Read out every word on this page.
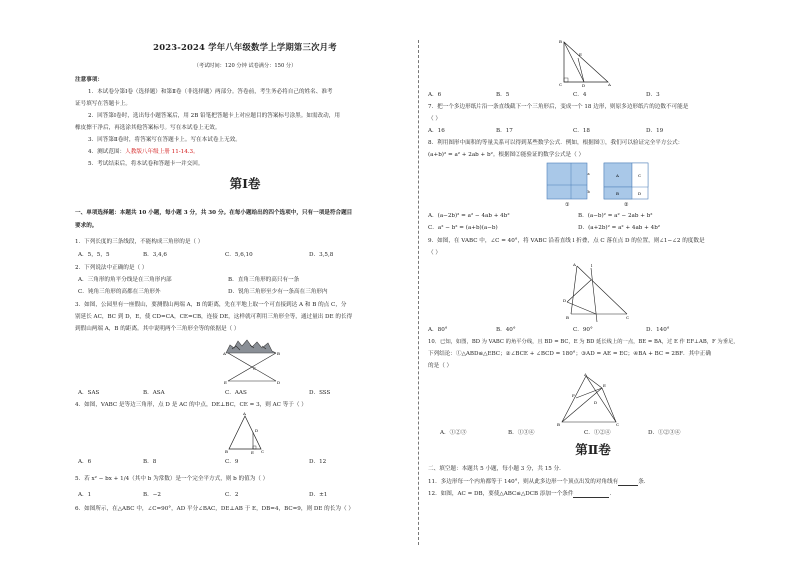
2023-2024 学年八年级数学上学期第三次月考
（考试时间：120 分钟 试卷满分：150 分）
注意事项：
1．本试卷分第Ⅰ卷（选择题）和第Ⅱ卷（非选择题）两部分。答卷前，考生务必将自己的姓名、准考
证号填写在答题卡上。
2．回答第Ⅰ卷时，选出每小题答案后，用 2B 铅笔把答题卡上对应题目的答案标号涂黑。如需改动，用
橡皮擦干净后，再选涂其他答案标号。写在本试卷上无效。
3．回答第Ⅱ卷时，将答案写在答题卡上。写在本试卷上无效。
4．测试范围：人教版八年级上册 11-14.3。
5．考试结束后，将本试卷和答题卡一并交回。
第Ⅰ卷
一、单项选择题：本题共 10 小题，每小题 3 分，共 30 分。在每小题给出的四个选项中，只有一项是符合题目
要求的。
1．下列长度的三条线段，不能构成三角形的是（ ）
A．5，5，5	B．3,4,6	C．5,6,10	D．3,5,8
2．下列说法中正确的是（ ）
A．三角形的角平分线是在三角形内部	B．直角三角形的高只有一条
C．钝角三角形的高都在三角形外	D．锐角三角形至少有一条高在三角形内
3．如图，公园里有一座假山，要测假山两端 A，B 的距离，先在平地上取一个可直接到达 A 和 B 的点 C，分
别延长 AC，BC 到 D，E，使 CD=CA，CE=CB，连接 DE，这样就可利用三角形全等，通过量出 DE 的长得
到假山两端 A，B 的距离。其中说明两个三角形全等的依据是（ ）
A	B
C
E	D
A．SAS	B．ASA	C．AAS	D．SSS
4．如图，VABC 是等边三角形，点 D 是 AC 的中点，DE⊥BC，CE = 3，则 AC 等于（ ）
A
B	C
D
E
A．6	B．8	C．9	D．12
5．若 x² − bx + 1/4（其中 b 为常数）是一个完全平方式，则 b 的值为（ ）
A．1	B．−2	C．2	D．±1
6．如图所示，在△ABC 中，∠C=90°，AD 平分∠BAC，DE⊥AB 于 E，DB=4，BC=9，则 DE 的长为（ ）
B
C	D	A
E
A．6	B．5	C．4	D．3
7．把一个多边形纸片沿一条直线截下一个三角形后，变成一个 18 边形，则原多边形纸片的边数不可能是
（ ）
A．16	B．17	C．18	D．19
8．利用图形中面积的等量关系可以得到某些数学公式．例如，根据图①，我们可以验证完全平方公式：
(a+b)² = a² + 2ab + b²。根据图②能验证的数学公式是（ ）
①
a
b
A
B
C
D
②
A．(a−2b)² = a² − 4ab + 4b²	B．(a−b)² = a² − 2ab + b²
C．a² − b² = (a+b)(a−b)	D．(a+2b)² = a² + 4ab + 4b²
9．如图，在 VABC 中，∠C = 40°，将 VABC 沿着直线 l 折叠，点 C 落在点 D 的位置，则∠1−∠2 的度数是
（ ）
A
B	C
D
l
A．80°	B．40°	C．90°	D．140°
10．已知，如图，BD 为 VABC 的角平分线，且 BD = BC，E 为 BD 延长线上的一点，BE = BA，过 E 作 EF⊥AB，F 为垂足，
下列结论：①△ABD≌△EBC；②∠BCE + ∠BCD = 180°；③AD = AE = EC；④BA + BC = 2BF．其中正确
的是（ ）
A
B	C
E
F
D
A．①②③	B．①③④	C．①②④	D．①②③④
第Ⅱ卷
二、填空题：本题共 5 小题，每小题 3 分，共 15 分．
11．多边形每一个内角都等于 140°，则从此多边形一个顶点出发的对角线有	条．
12．如图，AC = DB，要使△ABC≌△DCB 添加一个条件	．
